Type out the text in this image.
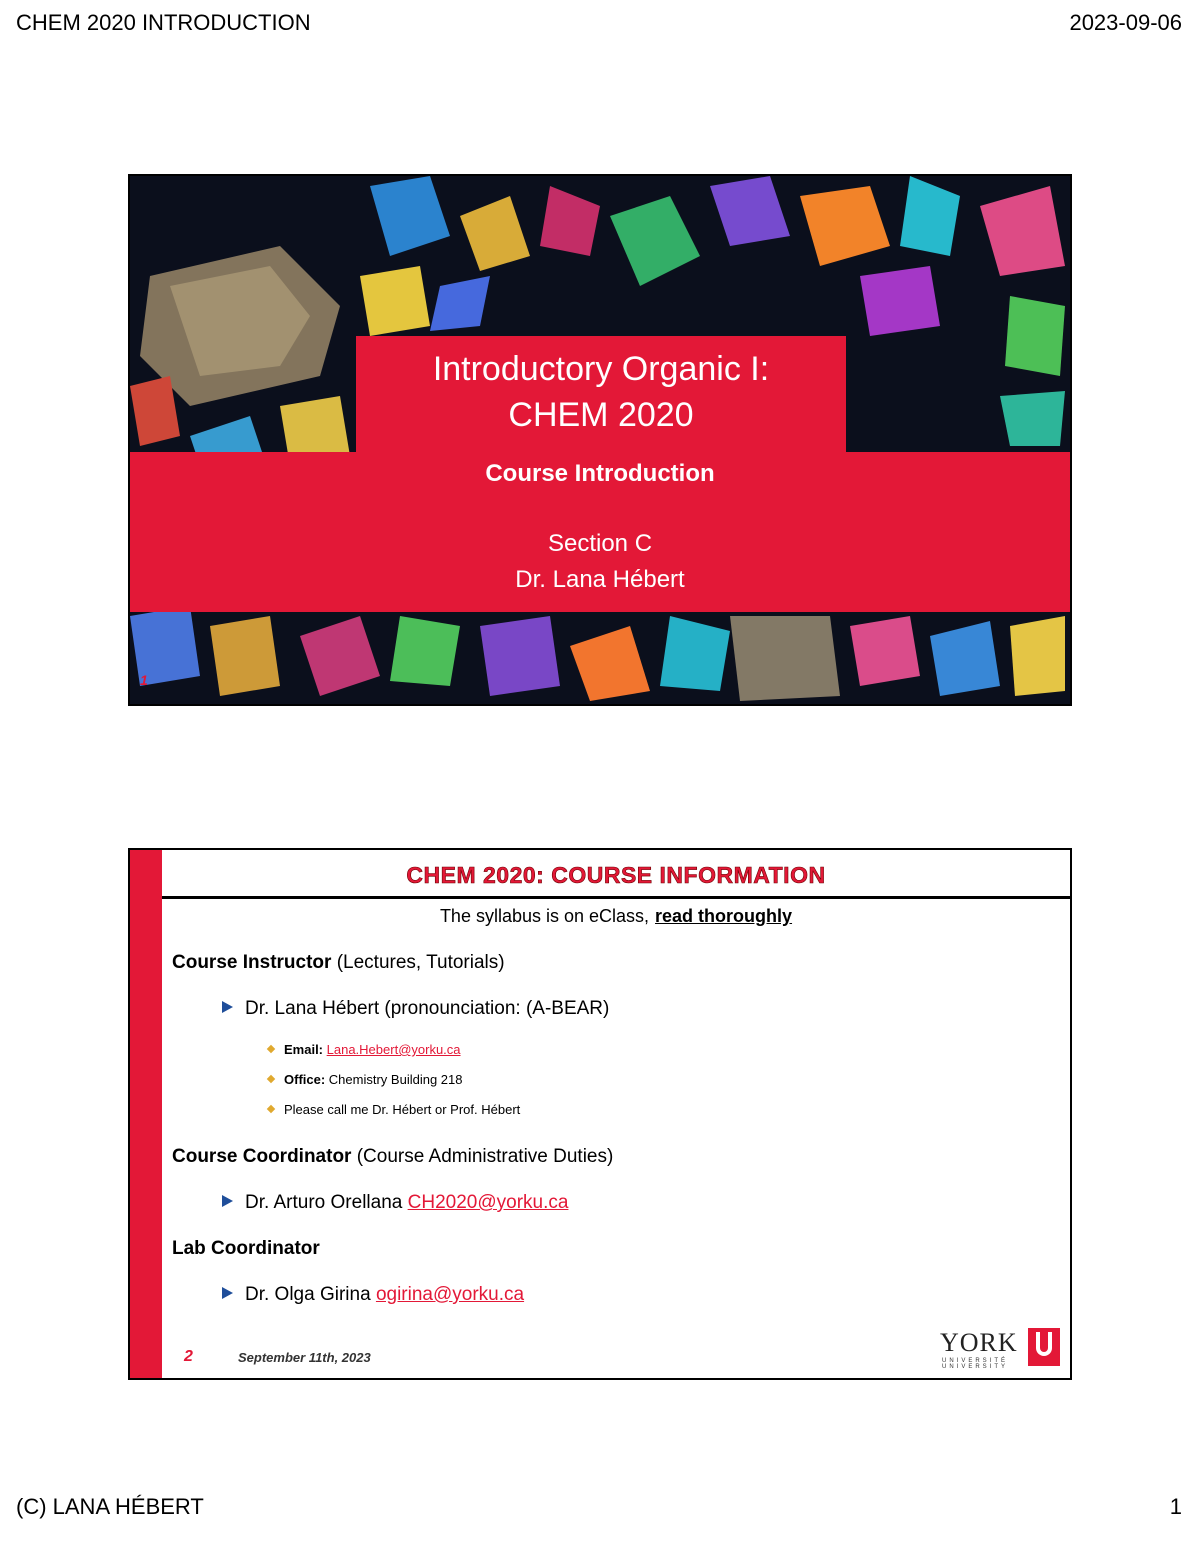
CHEM 2020 INTRODUCTION	2023-09-06
Introductory Organic I:
CHEM 2020
Course Introduction
Section C
Dr. Lana Hébert
1
CHEM 2020: COURSE INFORMATION
The syllabus is on eClass, read thoroughly
Course Instructor (Lectures, Tutorials)
Dr. Lana Hébert (pronounciation: (A-BEAR)
Email: Lana.Hebert@yorku.ca
Office: Chemistry Building 218
Please call me Dr. Hébert or Prof. Hébert
Course Coordinator (Course Administrative Duties)
Dr. Arturo Orellana CH2020@yorku.ca
Lab Coordinator
Dr. Olga Girina ogirina@yorku.ca
2	September 11th, 2023
YORK
UNIVERSITÉ UNIVERSITY
(C) LANA HÉBERT	1
